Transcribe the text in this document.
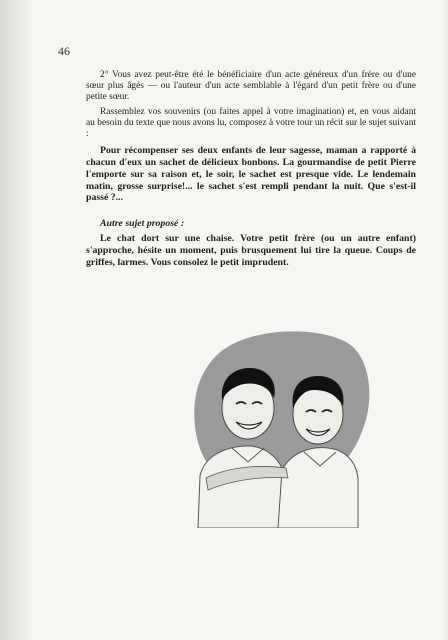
46

2° Vous avez peut-être été le bénéficiaire d'un acte généreux d'un frère ou d'une sœur plus âgés — ou l'auteur d'un acte semblable à l'égard d'un petit frère ou d'une petite sœur.

Rassemblez vos souvenirs (ou faites appel à votre imagination) et, en vous aidant au besoin du texte que nous avons lu, composez à votre tour un récit sur le sujet suivant :

Pour récompenser ses deux enfants de leur sagesse, maman a rapporté à chacun d'eux un sachet de délicieux bonbons. La gourmandise de petit Pierre l'emporte sur sa raison et, le soir, le sachet est presque vide. Le lendemain matin, grosse surprise!... le sachet s'est rempli pendant la nuit. Que s'est-il passé ?...

Autre sujet proposé :

Le chat dort sur une chaise. Votre petit frère (ou un autre enfant) s'approche, hésite un moment, puis brusquement lui tire la queue. Coups de griffes, larmes. Vous consolez le petit imprudent.
